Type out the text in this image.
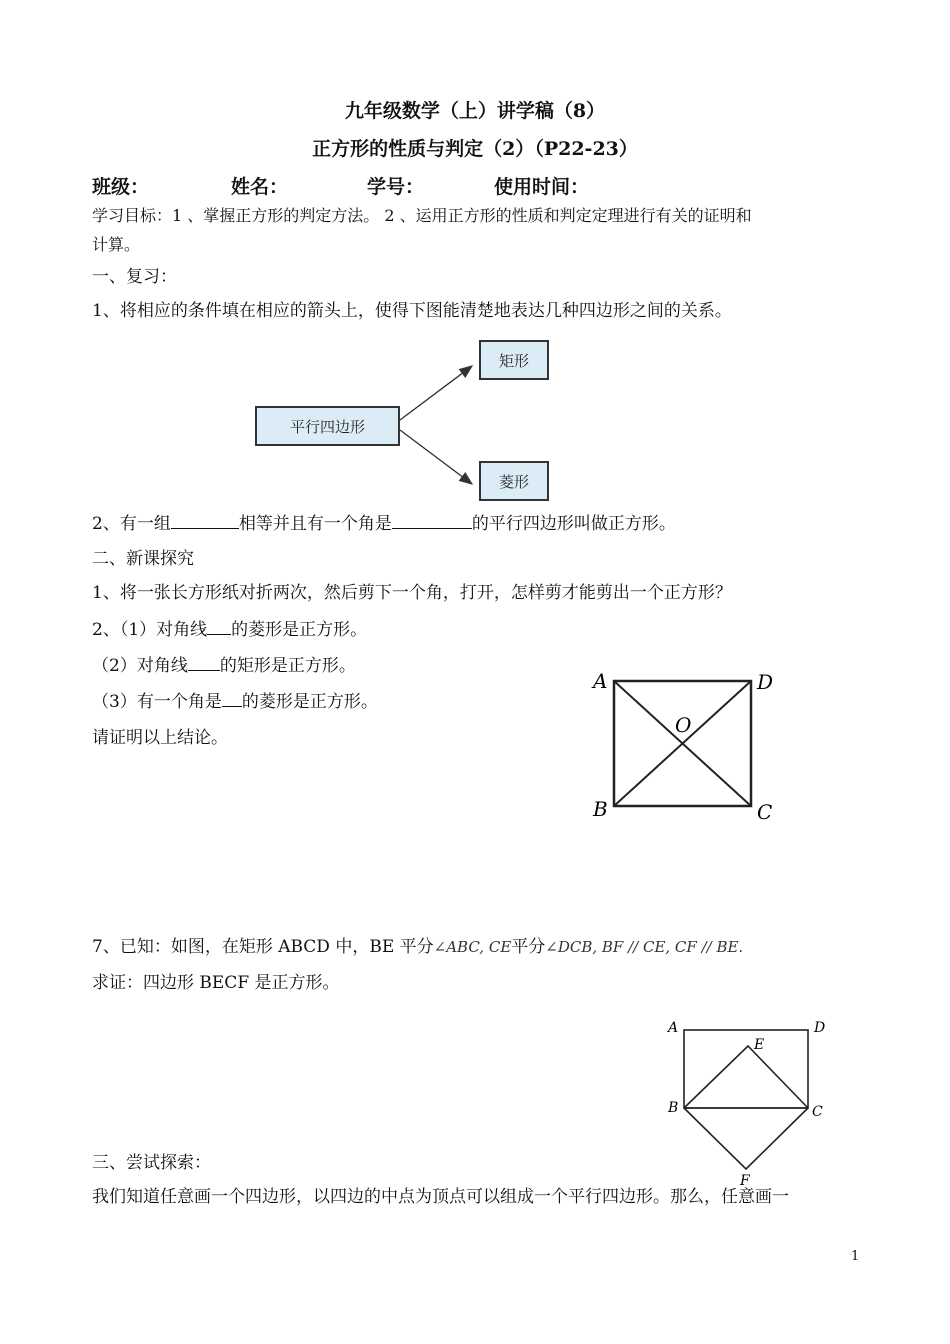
九年级数学（上）讲学稿（8）
正方形的性质与判定（2）（P22-23）
班级：	姓名：	学号：	使用时间：
学习目标：1 、掌握正方形的判定方法。 2 、运用正方形的性质和判定定理进行有关的证明和
计算。
一、复习：
1、将相应的条件填在相应的箭头上，使得下图能清楚地表达几种四边形之间的关系。
平行四边形
矩形
菱形
2、有一组	相等并且有一个角是	的平行四边形叫做正方形。
二、新课探究
1、将一张长方形纸对折两次，然后剪下一个角，打开，怎样剪才能剪出一个正方形？
2、（1）对角线 的菱形是正方形。
（2）对角线 的矩形是正方形。
（3）有一个角是 的菱形是正方形。
请证明以上结论。
A	D
O
B	C
7、已知：如图，在矩形 ABCD 中，BE 平分∠ABC, CE平分∠DCB, BF // CE, CF // BE.
求证：四边形 BECF 是正方形。
A	D
E
B	C
F
三、尝试探索：
我们知道任意画一个四边形，以四边的中点为顶点可以组成一个平行四边形。那么，任意画一
1
